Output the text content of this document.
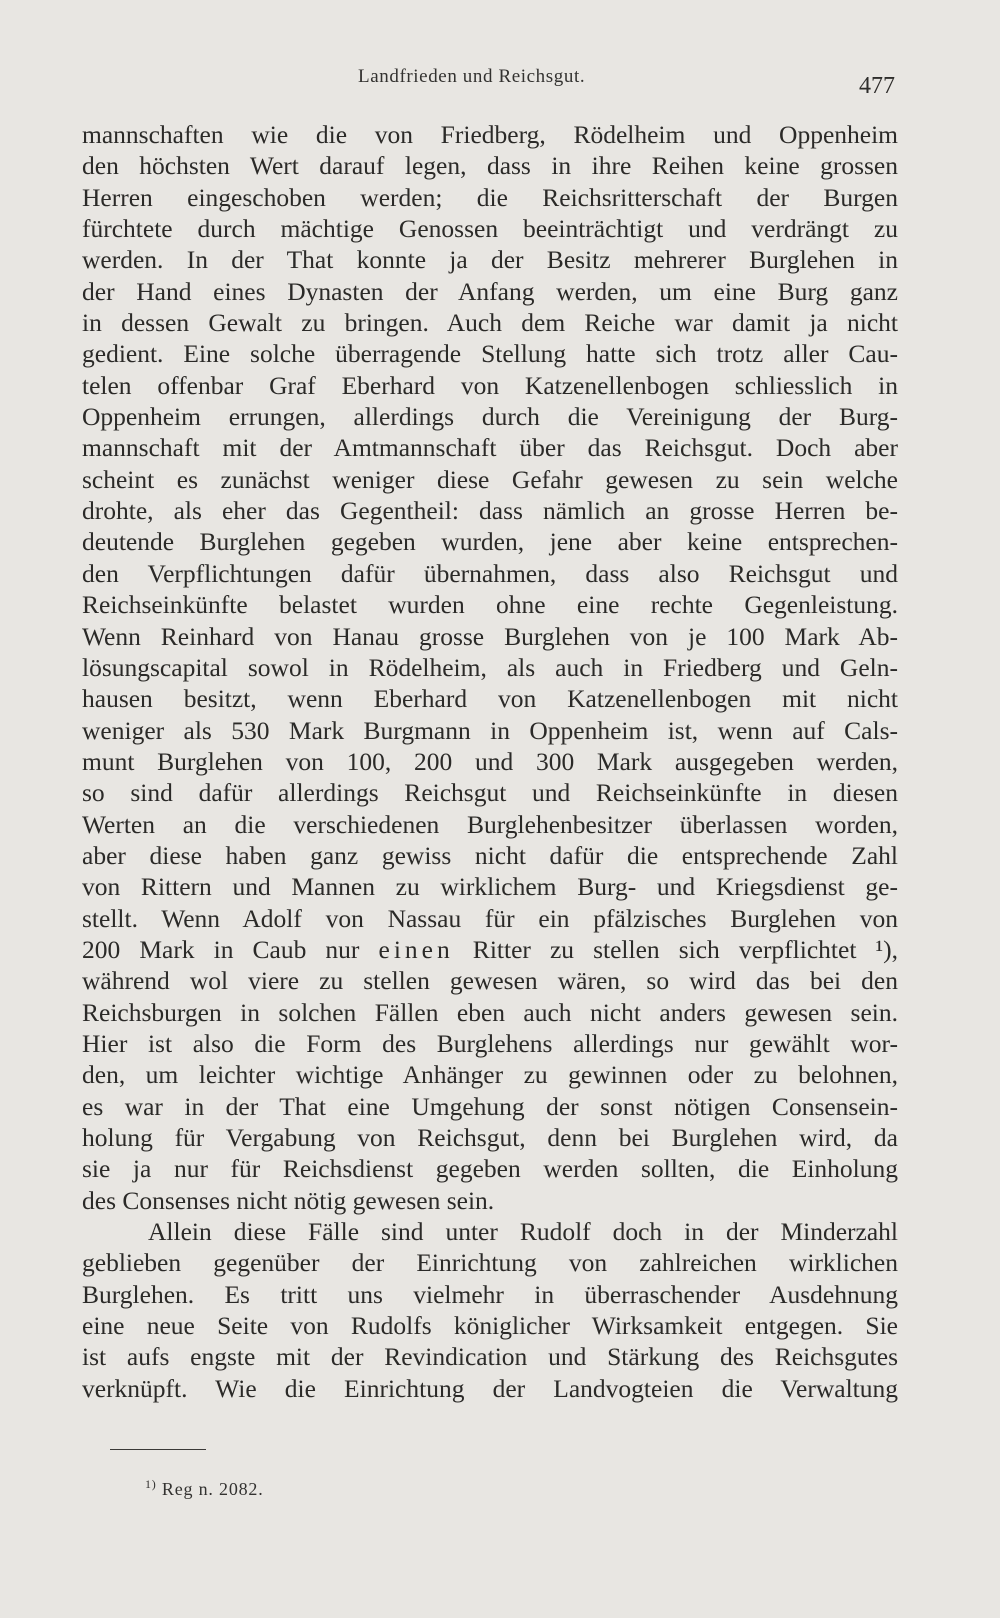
Landfrieden und Reichsgut.	477
mannschaften wie die von Friedberg, Rödelheim und Oppenheim
den höchsten Wert darauf legen, dass in ihre Reihen keine grossen
Herren eingeschoben werden; die Reichsritterschaft der Burgen
fürchtete durch mächtige Genossen beeinträchtigt und verdrängt zu
werden. In der That konnte ja der Besitz mehrerer Burglehen in
der Hand eines Dynasten der Anfang werden, um eine Burg ganz
in dessen Gewalt zu bringen. Auch dem Reiche war damit ja nicht
gedient. Eine solche überragende Stellung hatte sich trotz aller Cau-
telen offenbar Graf Eberhard von Katzenellenbogen schliesslich in
Oppenheim errungen, allerdings durch die Vereinigung der Burg-
mannschaft mit der Amtmannschaft über das Reichsgut. Doch aber
scheint es zunächst weniger diese Gefahr gewesen zu sein welche
drohte, als eher das Gegentheil: dass nämlich an grosse Herren be-
deutende Burglehen gegeben wurden, jene aber keine entsprechen-
den Verpflichtungen dafür übernahmen, dass also Reichsgut und
Reichseinkünfte belastet wurden ohne eine rechte Gegenleistung.
Wenn Reinhard von Hanau grosse Burglehen von je 100 Mark Ab-
lösungscapital sowol in Rödelheim, als auch in Friedberg und Geln-
hausen besitzt, wenn Eberhard von Katzenellenbogen mit nicht
weniger als 530 Mark Burgmann in Oppenheim ist, wenn auf Cals-
munt Burglehen von 100, 200 und 300 Mark ausgegeben werden,
so sind dafür allerdings Reichsgut und Reichseinkünfte in diesen
Werten an die verschiedenen Burglehenbesitzer überlassen worden,
aber diese haben ganz gewiss nicht dafür die entsprechende Zahl
von Rittern und Mannen zu wirklichem Burg- und Kriegsdienst ge-
stellt. Wenn Adolf von Nassau für ein pfälzisches Burglehen von
200 Mark in Caub nur einen Ritter zu stellen sich verpflichtet ¹),
während wol viere zu stellen gewesen wären, so wird das bei den
Reichsburgen in solchen Fällen eben auch nicht anders gewesen sein.
Hier ist also die Form des Burglehens allerdings nur gewählt wor-
den, um leichter wichtige Anhänger zu gewinnen oder zu belohnen,
es war in der That eine Umgehung der sonst nötigen Consensein-
holung für Vergabung von Reichsgut, denn bei Burglehen wird, da
sie ja nur für Reichsdienst gegeben werden sollten, die Einholung
des Consenses nicht nötig gewesen sein.
Allein diese Fälle sind unter Rudolf doch in der Minderzahl
geblieben gegenüber der Einrichtung von zahlreichen wirklichen
Burglehen. Es tritt uns vielmehr in überraschender Ausdehnung
eine neue Seite von Rudolfs königlicher Wirksamkeit entgegen. Sie
ist aufs engste mit der Revindication und Stärkung des Reichsgutes
verknüpft. Wie die Einrichtung der Landvogteien die Verwaltung
$^{1)}$ Reg n. 2082.
